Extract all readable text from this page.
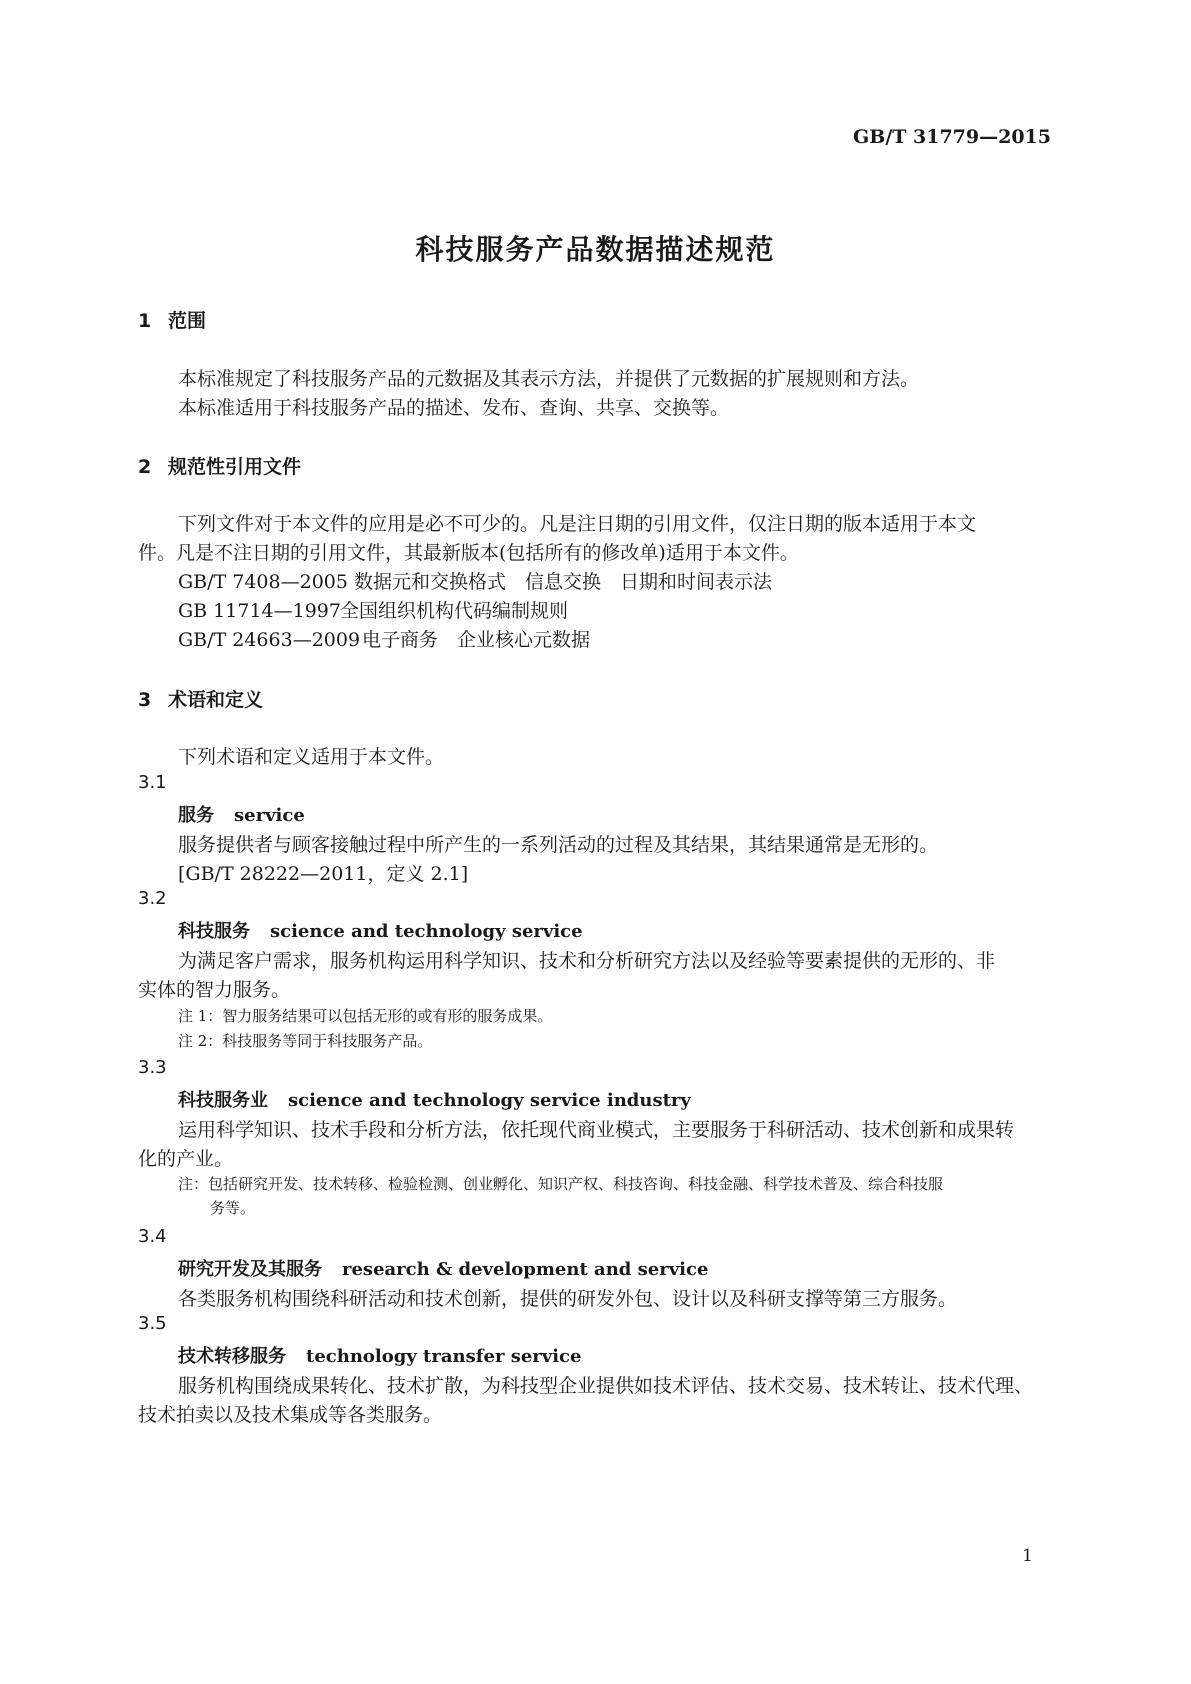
GB/T 31779—2015
科技服务产品数据描述规范
1 范围
本标准规定了科技服务产品的元数据及其表示方法，并提供了元数据的扩展规则和方法。
本标准适用于科技服务产品的描述、发布、查询、共享、交换等。
2 规范性引用文件
下列文件对于本文件的应用是必不可少的。凡是注日期的引用文件，仅注日期的版本适用于本文
件。凡是不注日期的引用文件，其最新版本(包括所有的修改单)适用于本文件。
GB/T 7408—2005 数据元和交换格式　信息交换　日期和时间表示法
GB 11714—1997全国组织机构代码编制规则
GB/T 24663—2009 电子商务　企业核心元数据
3 术语和定义
下列术语和定义适用于本文件。
3.1
服务 service
服务提供者与顾客接触过程中所产生的一系列活动的过程及其结果，其结果通常是无形的。
[GB/T 28222—2011，定义 2.1]
3.2
科技服务 science and technology service
为满足客户需求，服务机构运用科学知识、技术和分析研究方法以及经验等要素提供的无形的、非
实体的智力服务。
注 1：智力服务结果可以包括无形的或有形的服务成果。
注 2：科技服务等同于科技服务产品。
3.3
科技服务业 science and technology service industry
运用科学知识、技术手段和分析方法，依托现代商业模式，主要服务于科研活动、技术创新和成果转
化的产业。
注：包括研究开发、技术转移、检验检测、创业孵化、知识产权、科技咨询、科技金融、科学技术普及、综合科技服
务等。
3.4
研究开发及其服务 research & development and service
各类服务机构围绕科研活动和技术创新，提供的研发外包、设计以及科研支撑等第三方服务。
3.5
技术转移服务 technology transfer service
服务机构围绕成果转化、技术扩散，为科技型企业提供如技术评估、技术交易、技术转让、技术代理、
技术拍卖以及技术集成等各类服务。
1
